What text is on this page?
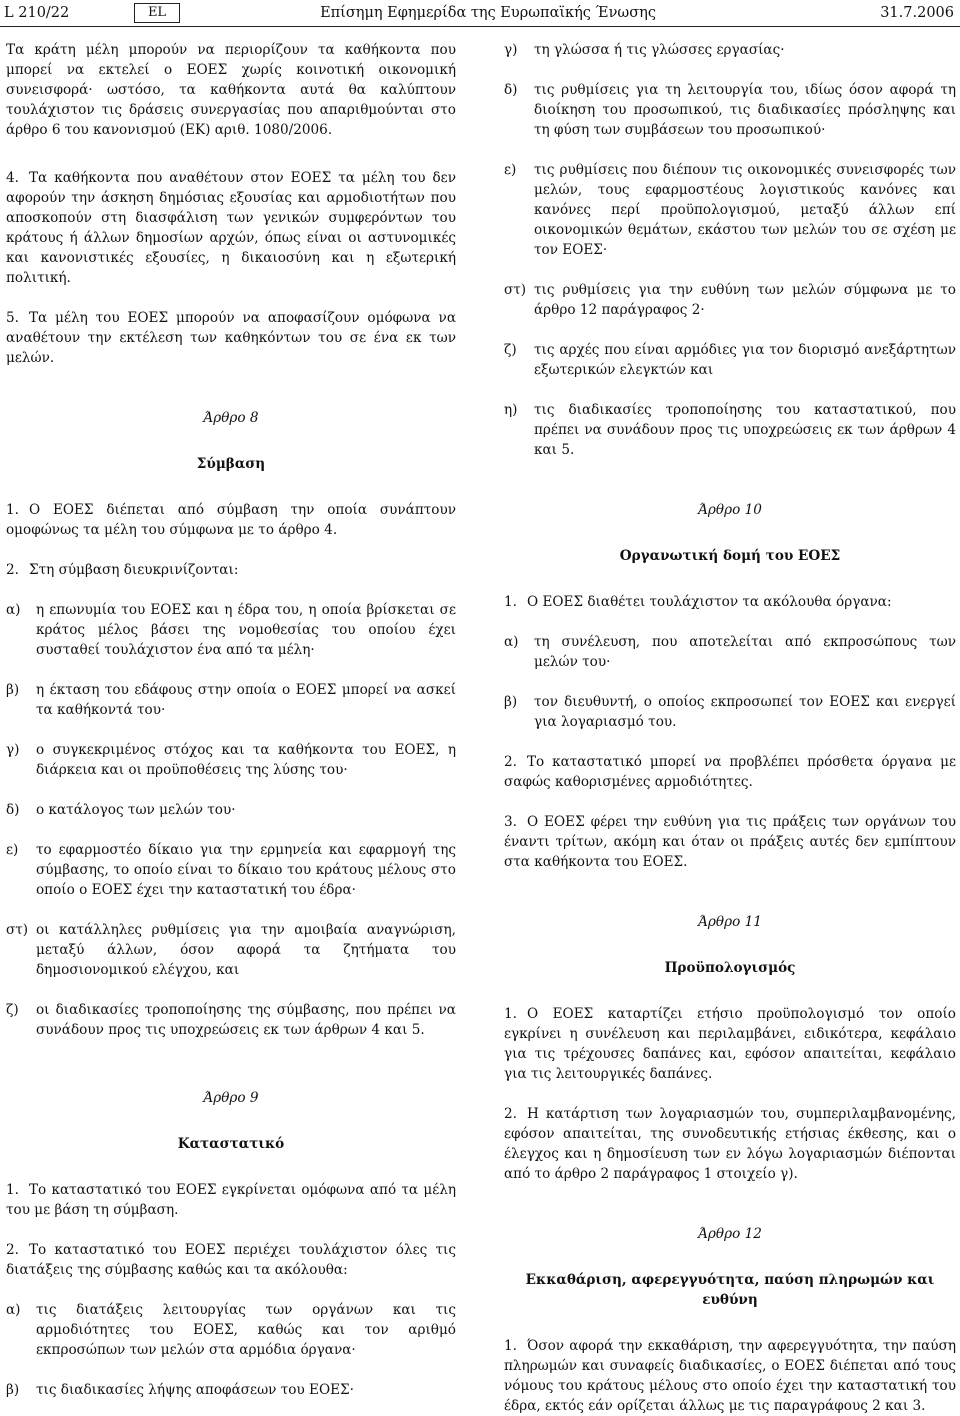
L 210/22	EL	Επίσημη Εφημερίδα της Ευρωπαϊκής Ένωσης	31.7.2006

Τα κράτη μέλη μπορούν να περιορίζουν τα καθήκοντα που μπορεί να εκτελεί ο ΕΟΕΣ χωρίς κοινοτική οικονομική συνεισφορά· ωστόσο, τα καθήκοντα αυτά θα καλύπτουν τουλάχιστον τις δράσεις συνεργασίας που απαριθμούνται στο άρθρο 6 του κανονισμού (ΕΚ) αριθ. 1080/2006.

4. Τα καθήκοντα που αναθέτουν στον ΕΟΕΣ τα μέλη του δεν αφορούν την άσκηση δημόσιας εξουσίας και αρμοδιοτήτων που αποσκοπούν στη διασφάλιση των γενικών συμφερόντων του κράτους ή άλλων δημοσίων αρχών, όπως είναι οι αστυνομικές και κανονιστικές εξουσίες, η δικαιοσύνη και η εξωτερική πολιτική.

5. Τα μέλη του ΕΟΕΣ μπορούν να αποφασίζουν ομόφωνα να αναθέτουν την εκτέλεση των καθηκόντων του σε ένα εκ των μελών.

Άρθρο 8

Σύμβαση

1. Ο ΕΟΕΣ διέπεται από σύμβαση την οποία συνάπτουν ομοφώνως τα μέλη του σύμφωνα με το άρθρο 4.

2. Στη σύμβαση διευκρινίζονται:

α)	η επωνυμία του ΕΟΕΣ και η έδρα του, η οποία βρίσκεται σε κράτος μέλος βάσει της νομοθεσίας του οποίου έχει συσταθεί τουλάχιστον ένα από τα μέλη·
β)	η έκταση του εδάφους στην οποία ο ΕΟΕΣ μπορεί να ασκεί τα καθήκοντά του·
γ)	ο συγκεκριμένος στόχος και τα καθήκοντα του ΕΟΕΣ, η διάρκεια και οι προϋποθέσεις της λύσης του·
δ)	ο κατάλογος των μελών του·
ε)	το εφαρμοστέο δίκαιο για την ερμηνεία και εφαρμογή της σύμβασης, το οποίο είναι το δίκαιο του κράτους μέλους στο οποίο ο ΕΟΕΣ έχει την καταστατική του έδρα·
στ) οι κατάλληλες ρυθμίσεις για την αμοιβαία αναγνώριση, μεταξύ άλλων, όσον αφορά τα ζητήματα του δημοσιονομικού ελέγχου, και
ζ)	οι διαδικασίες τροποποίησης της σύμβασης, που πρέπει να συνάδουν προς τις υποχρεώσεις εκ των άρθρων 4 και 5.

Άρθρο 9

Καταστατικό

1. Το καταστατικό του ΕΟΕΣ εγκρίνεται ομόφωνα από τα μέλη του με βάση τη σύμβαση.

2. Το καταστατικό του ΕΟΕΣ περιέχει τουλάχιστον όλες τις διατάξεις της σύμβασης καθώς και τα ακόλουθα:

α)	τις διατάξεις λειτουργίας των οργάνων και τις αρμοδιότητες του ΕΟΕΣ, καθώς και τον αριθμό εκπροσώπων των μελών στα αρμόδια όργανα·
β)	τις διαδικασίες λήψης αποφάσεων του ΕΟΕΣ·
γ)	τη γλώσσα ή τις γλώσσες εργασίας·
δ)	τις ρυθμίσεις για τη λειτουργία του, ιδίως όσον αφορά τη διοίκηση του προσωπικού, τις διαδικασίες πρόσληψης και τη φύση των συμβάσεων του προσωπικού·
ε)	τις ρυθμίσεις που διέπουν τις οικονομικές συνεισφορές των μελών, τους εφαρμοστέους λογιστικούς κανόνες και κανόνες περί προϋπολογισμού, μεταξύ άλλων επί οικονομικών θεμάτων, εκάστου των μελών του σε σχέση με τον ΕΟΕΣ·
στ) τις ρυθμίσεις για την ευθύνη των μελών σύμφωνα με το άρθρο 12 παράγραφος 2·
ζ)	τις αρχές που είναι αρμόδιες για τον διορισμό ανεξάρτητων εξωτερικών ελεγκτών και
η)	τις διαδικασίες τροποποίησης του καταστατικού, που πρέπει να συνάδουν προς τις υποχρεώσεις εκ των άρθρων 4 και 5.

Άρθρο 10

Οργανωτική δομή του ΕΟΕΣ

1. Ο ΕΟΕΣ διαθέτει τουλάχιστον τα ακόλουθα όργανα:

α)	τη συνέλευση, που αποτελείται από εκπροσώπους των μελών του·
β)	τον διευθυντή, ο οποίος εκπροσωπεί τον ΕΟΕΣ και ενεργεί για λογαριασμό του.

2. Το καταστατικό μπορεί να προβλέπει πρόσθετα όργανα με σαφώς καθορισμένες αρμοδιότητες.

3. Ο ΕΟΕΣ φέρει την ευθύνη για τις πράξεις των οργάνων του έναντι τρίτων, ακόμη και όταν οι πράξεις αυτές δεν εμπίπτουν στα καθήκοντα του ΕΟΕΣ.

Άρθρο 11

Προϋπολογισμός

1. Ο ΕΟΕΣ καταρτίζει ετήσιο προϋπολογισμό τον οποίο εγκρίνει η συνέλευση και περιλαμβάνει, ειδικότερα, κεφάλαιο για τις τρέχουσες δαπάνες και, εφόσον απαιτείται, κεφάλαιο για τις λειτουργικές δαπάνες.

2. Η κατάρτιση των λογαριασμών του, συμπεριλαμβανομένης, εφόσον απαιτείται, της συνοδευτικής ετήσιας έκθεσης, και ο έλεγχος και η δημοσίευση των εν λόγω λογαριασμών διέπονται από το άρθρο 2 παράγραφος 1 στοιχείο γ).

Άρθρο 12

Εκκαθάριση, αφερεγγυότητα, παύση πληρωμών και ευθύνη

1. Όσον αφορά την εκκαθάριση, την αφερεγγυότητα, την παύση πληρωμών και συναφείς διαδικασίες, ο ΕΟΕΣ διέπεται από τους νόμους του κράτους μέλους στο οποίο έχει την καταστατική του έδρα, εκτός εάν ορίζεται άλλως με τις παραγράφους 2 και 3.
